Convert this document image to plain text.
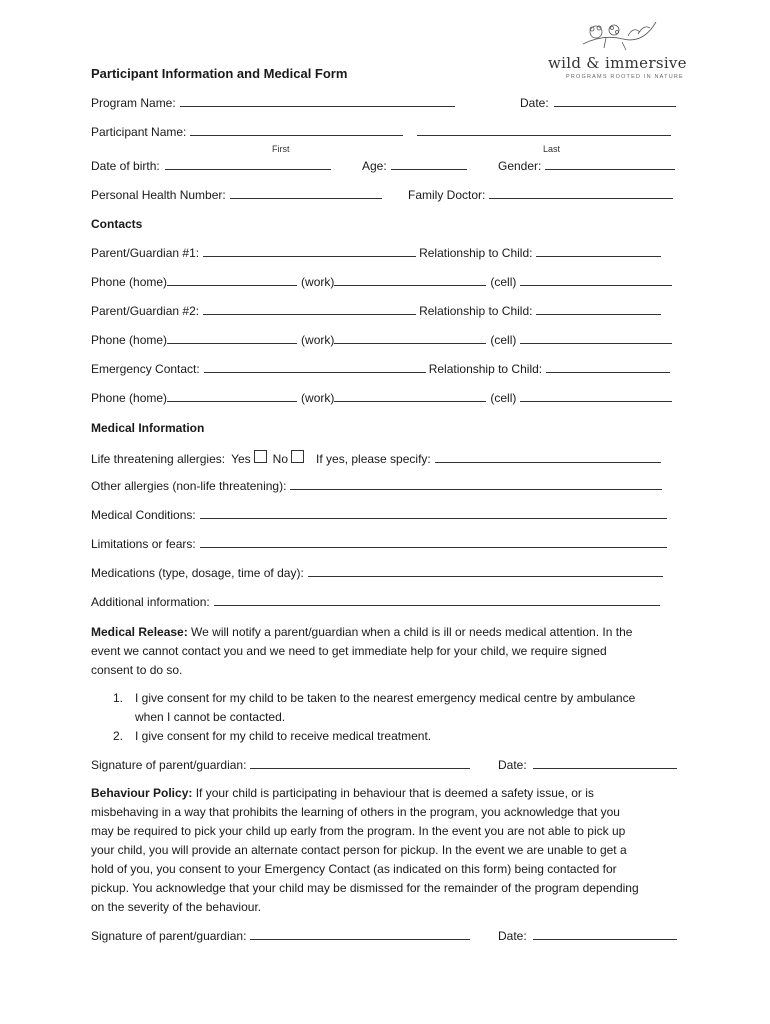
wild & immersive
PROGRAMS ROOTED IN NATURE
Participant Information and Medical Form
Program Name:	Date:
Participant Name:
First	Last
Date of birth:	Age:	Gender:
Personal Health Number:	Family Doctor:
Contacts
Parent/Guardian #1:	Relationship to Child:
Phone (home)	(work)	(cell)
Parent/Guardian #2:	Relationship to Child:
Phone (home)	(work)	(cell)
Emergency Contact:	Relationship to Child:
Phone (home)	(work)	(cell)
Medical Information
Life threatening allergies: Yes No If yes, please specify:
Other allergies (non-life threatening):
Medical Conditions:
Limitations or fears:
Medications (type, dosage, time of day):
Additional information:
Medical Release: We will notify a parent/guardian when a child is ill or needs medical attention. In the
event we cannot contact you and we need to get immediate help for your child, we require signed
consent to do so.
1. I give consent for my child to be taken to the nearest emergency medical centre by ambulance
when I cannot be contacted.
2. I give consent for my child to receive medical treatment.
Signature of parent/guardian:	Date:
Behaviour Policy: If your child is participating in behaviour that is deemed a safety issue, or is
misbehaving in a way that prohibits the learning of others in the program, you acknowledge that you
may be required to pick your child up early from the program. In the event you are not able to pick up
your child, you will provide an alternate contact person for pickup. In the event we are unable to get a
hold of you, you consent to your Emergency Contact (as indicated on this form) being contacted for
pickup. You acknowledge that your child may be dismissed for the remainder of the program depending
on the severity of the behaviour.
Signature of parent/guardian:	Date:
